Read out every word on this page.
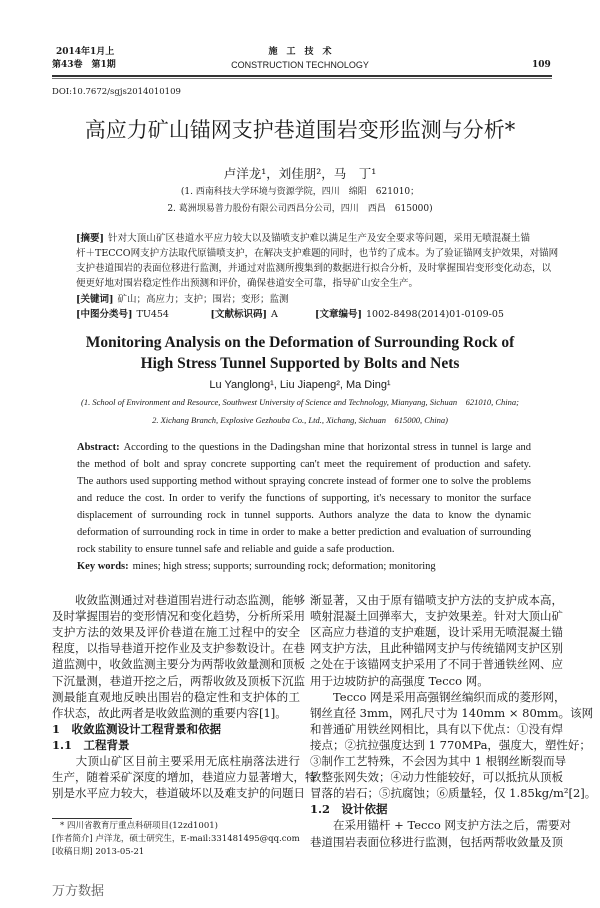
2014年1月上
第43卷　第1期
施　工　技　术
CONSTRUCTION TECHNOLOGY	109
DOI:10.7672/sgjs2014010109
高应力矿山锚网支护巷道围岩变形监测与分析*
卢洋龙¹，刘佳朋²，马　丁¹
(1. 西南科技大学环境与资源学院，四川　绵阳　621010；
2. 葛洲坝易普力股份有限公司西昌分公司，四川　西昌　615000)
[摘要] 针对大顶山矿区巷道水平应力较大以及锚喷支护难以满足生产及安全要求等问题，采用无喷混凝土锚
杆＋TECCO网支护方法取代原锚喷支护，在解决支护难题的同时，也节约了成本。为了验证锚网支护效果，对锚网
支护巷道围岩的表面位移进行监测，并通过对监测所搜集到的数据进行拟合分析，及时掌握围岩变形变化动态，以
便更好地对围岩稳定性作出预测和评价，确保巷道安全可靠，指导矿山安全生产。
[关键词] 矿山；高应力；支护；围岩；变形；监测
[中图分类号] TU454	[文献标识码] A	[文章编号] 1002-8498(2014)01-0109-05
Monitoring Analysis on the Deformation of Surrounding Rock of
High Stress Tunnel Supported by Bolts and Nets
Lu Yanglong¹, Liu Jiapeng², Ma Ding¹
(1. School of Environment and Resource, Southwest University of Science and Technology, Mianyang, Sichuan　621010, China;
2. Xichang Branch, Explosive Gezhouba Co., Ltd., Xichang, Sichuan　615000, China)
Abstract: According to the questions in the Dadingshan mine that horizontal stress in tunnel is large and
the method of bolt and spray concrete supporting can't meet the requirement of production and safety.
The authors used supporting method without spraying concrete instead of former one to solve the problems
and reduce the cost. In order to verify the functions of supporting, it's necessary to monitor the surface
displacement of surrounding rock in tunnel supports. Authors analyze the data to know the dynamic
deformation of surrounding rock in time in order to make a better prediction and evaluation of surrounding
rock stability to ensure tunnel safe and reliable and guide a safe production.
Key words: mines; high stress; supports; surrounding rock; deformation; monitoring
　　收敛监测通过对巷道围岩进行动态监测，能够
及时掌握围岩的变形情况和变化趋势，分析所采用
支护方法的效果及评价巷道在施工过程中的安全
程度，以指导巷道开挖作业及支护参数设计。在巷
道监测中，收敛监测主要分为两帮收敛量测和顶板
下沉量测，巷道开挖之后，两帮收敛及顶板下沉监
测最能直观地反映出围岩的稳定性和支护体的工
作状态，故此两者是收敛监测的重要内容[1]。
1　收敛监测设计工程背景和依据
1.1　工程背景
　　大顶山矿区目前主要采用无底柱崩落法进行
生产，随着采矿深度的增加，巷道应力显著增大，特
别是水平应力较大，巷道破坏以及难支护的问题日
渐显著，又由于原有锚喷支护方法的支护成本高，
喷射混凝土回弹率大，支护效果差。针对大顶山矿
区高应力巷道的支护难题，设计采用无喷混凝土锚
网支护方法，且此种锚网支护与传统锚网支护区别
之处在于该锚网支护采用了不同于普通铁丝网、应
用于边坡防护的高强度 Tecco 网。
　　Tecco 网是采用高强钢丝编织而成的菱形网，
钢丝直径 3mm，网孔尺寸为 140mm × 80mm。该网
和普通矿用铁丝网相比，具有以下优点：①没有焊
接点；②抗拉强度达到 1 770MPa，强度大，塑性好；
③制作工艺特殊，不会因为其中 1 根钢丝断裂而导
致整张网失效；④动力性能较好，可以抵抗从顶板
冒落的岩石；⑤抗腐蚀；⑥质量轻，仅 1.85kg/m²[2]。
1.2　设计依据
　　在采用锚杆 + Tecco 网支护方法之后，需要对
巷道围岩表面位移进行监测，包括两帮收敛量及顶
* 四川省教育厅重点科研项目(12zd1001)
[作者简介] 卢洋龙，硕士研究生，E-mail:331481495@qq.com
[收稿日期] 2013-05-21
万方数据
